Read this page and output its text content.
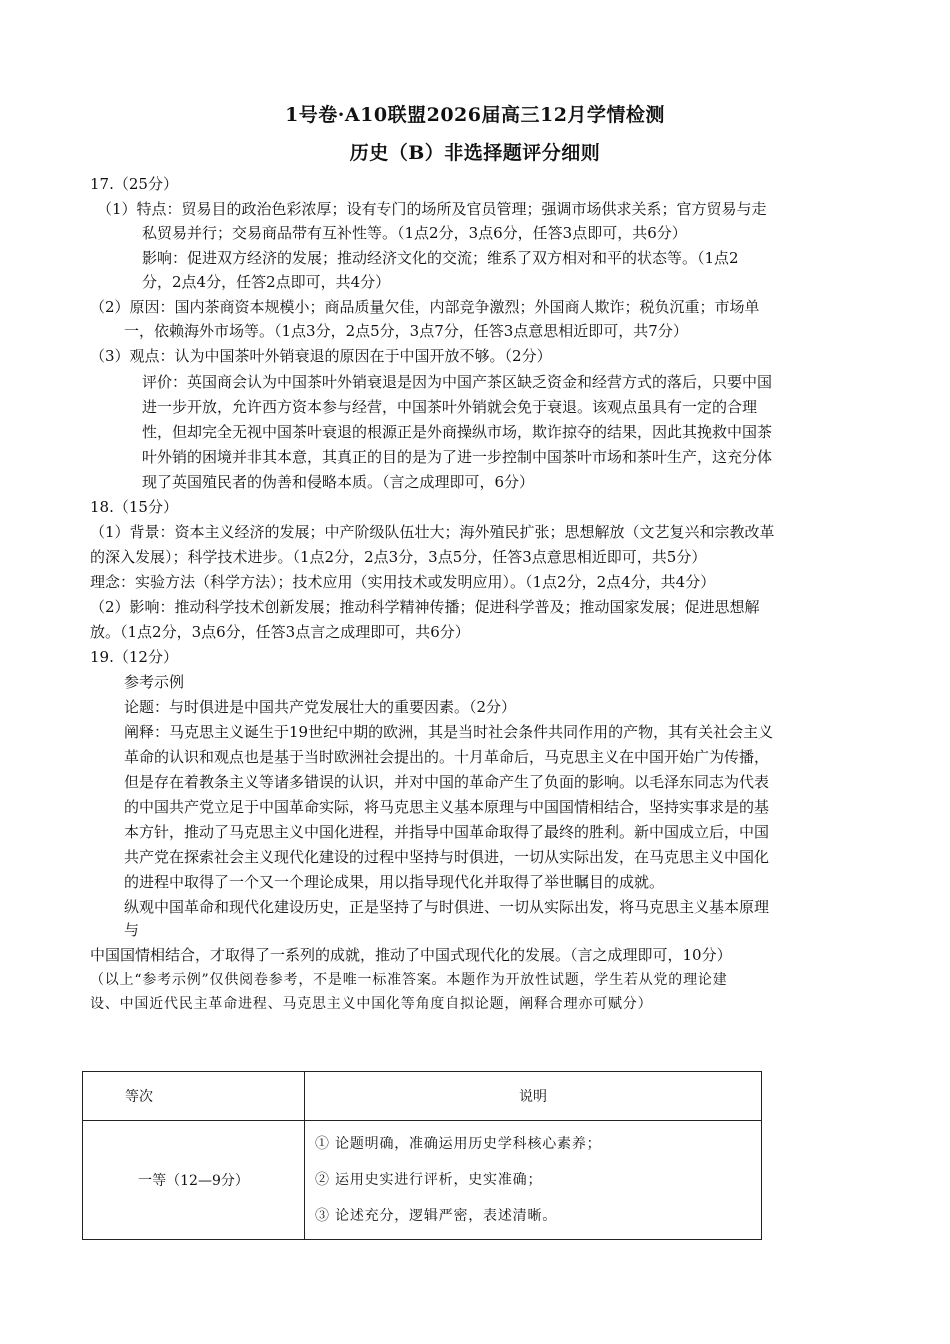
1号卷·A10联盟2026届高三12月学情检测
历史（B）非选择题评分细则
17.（25分）
（1）特点：贸易目的政治色彩浓厚；设有专门的场所及官员管理；强调市场供求关系；官方贸易与走
私贸易并行；交易商品带有互补性等。（1点2分，3点6分，任答3点即可，共6分）
影响：促进双方经济的发展；推动经济文化的交流；维系了双方相对和平的状态等。（1点2
分，2点4分，任答2点即可，共4分）
（2）原因：国内茶商资本规模小；商品质量欠佳，内部竞争激烈；外国商人欺诈；税负沉重；市场单
一，依赖海外市场等。（1点3分，2点5分，3点7分，任答3点意思相近即可，共7分）
（3）观点：认为中国茶叶外销衰退的原因在于中国开放不够。（2分）
评价：英国商会认为中国茶叶外销衰退是因为中国产茶区缺乏资金和经营方式的落后，只要中国
进一步开放，允许西方资本参与经营，中国茶叶外销就会免于衰退。该观点虽具有一定的合理
性，但却完全无视中国茶叶衰退的根源正是外商操纵市场，欺诈掠夺的结果，因此其挽救中国茶
叶外销的困境并非其本意，其真正的目的是为了进一步控制中国茶叶市场和茶叶生产，这充分体
现了英国殖民者的伪善和侵略本质。（言之成理即可，6分）
18.（15分）
（1）背景：资本主义经济的发展；中产阶级队伍壮大；海外殖民扩张；思想解放（文艺复兴和宗教改革
的深入发展）；科学技术进步。（1点2分，2点3分，3点5分，任答3点意思相近即可，共5分）
理念：实验方法（科学方法）；技术应用（实用技术或发明应用）。（1点2分，2点4分，共4分）
（2）影响：推动科学技术创新发展；推动科学精神传播；促进科学普及；推动国家发展；促进思想解
放。（1点2分，3点6分，任答3点言之成理即可，共6分）
19.（12分）
参考示例
论题：与时俱进是中国共产党发展壮大的重要因素。（2分）
阐释：马克思主义诞生于19世纪中期的欧洲，其是当时社会条件共同作用的产物，其有关社会主义
革命的认识和观点也是基于当时欧洲社会提出的。十月革命后，马克思主义在中国开始广为传播，
但是存在着教条主义等诸多错误的认识，并对中国的革命产生了负面的影响。以毛泽东同志为代表
的中国共产党立足于中国革命实际，将马克思主义基本原理与中国国情相结合，坚持实事求是的基
本方针，推动了马克思主义中国化进程，并指导中国革命取得了最终的胜利。新中国成立后，中国
共产党在探索社会主义现代化建设的过程中坚持与时俱进，一切从实际出发，在马克思主义中国化
的进程中取得了一个又一个理论成果，用以指导现代化并取得了举世瞩目的成就。
纵观中国革命和现代化建设历史，正是坚持了与时俱进、一切从实际出发，将马克思主义基本原理
与
中国国情相结合，才取得了一系列的成就，推动了中国式现代化的发展。（言之成理即可，10分）
（以上“参考示例”仅供阅卷参考，不是唯一标准答案。本题作为开放性试题，学生若从党的理论建
设、中国近代民主革命进程、马克思主义中国化等角度自拟论题，阐释合理亦可赋分）
等次	说明
一等（12—9分）	① 论题明确，准确运用历史学科核心素养；
② 运用史实进行评析，史实准确；
③ 论述充分，逻辑严密，表述清晰。
